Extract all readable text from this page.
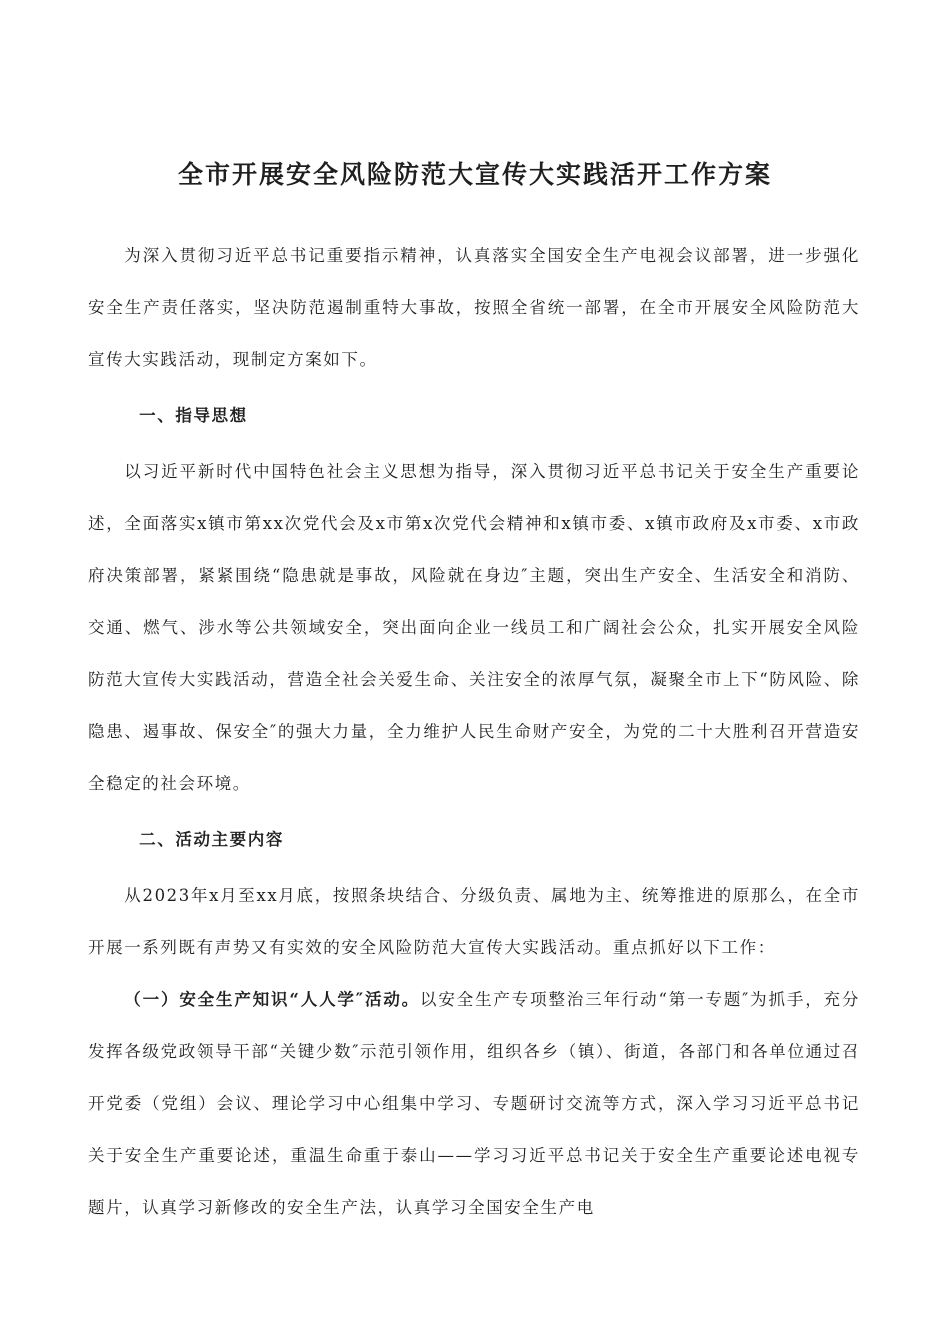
全市开展安全风险防范大宣传大实践活开工作方案

为深入贯彻习近平总书记重要指示精神，认真落实全国安全生产电视会议部署，进一步强化安全生产责任落实，坚决防范遏制重特大事故，按照全省统一部署，在全市开展安全风险防范大宣传大实践活动，现制定方案如下。

一、指导思想

以习近平新时代中国特色社会主义思想为指导，深入贯彻习近平总书记关于安全生产重要论述，全面落实x镇市第xx次党代会及x市第x次党代会精神和x镇市委、x镇市政府及x市委、x市政府决策部署，紧紧围绕“隐患就是事故，风险就在身边″主题，突出生产安全、生活安全和消防、交通、燃气、涉水等公共领域安全，突出面向企业一线员工和广阔社会公众，扎实开展安全风险防范大宣传大实践活动，营造全社会关爱生命、关注安全的浓厚气氛，凝聚全市上下“防风险、除隐患、遏事故、保安全″的强大力量，全力维护人民生命财产安全，为党的二十大胜利召开营造安全稳定的社会环境。

二、活动主要内容

从2023年x月至xx月底，按照条块结合、分级负责、属地为主、统筹推进的原那么，在全市开展一系列既有声势又有实效的安全风险防范大宣传大实践活动。重点抓好以下工作：

（一）安全生产知识“人人学″活动。以安全生产专项整治三年行动“第一专题″为抓手，充分发挥各级党政领导干部“关键少数″示范引领作用，组织各乡（镇）、街道，各部门和各单位通过召开党委（党组）会议、理论学习中心组集中学习、专题研讨交流等方式，深入学习习近平总书记关于安全生产重要论述，重温生命重于泰山——学习习近平总书记关于安全生产重要论述电视专题片，认真学习新修改的安全生产法，认真学习全国安全生产电
